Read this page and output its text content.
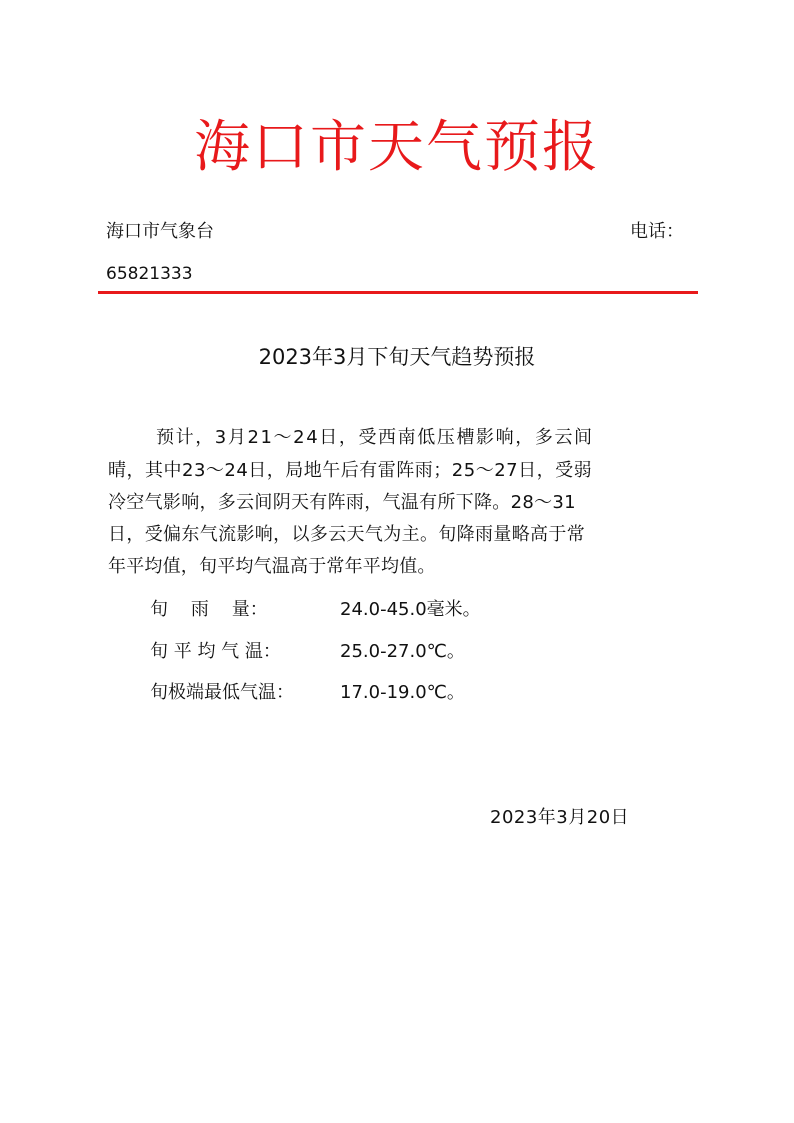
海口市天气预报
海口市气象台	电话：
65821333
2023年3月下旬天气趋势预报
预计，3月21～24日，受西南低压槽影响，多云间
晴，其中23～24日，局地午后有雷阵雨；25～27日，受弱
冷空气影响，多云间阴天有阵雨，气温有所下降。28～31
日，受偏东气流影响，以多云天气为主。旬降雨量略高于常
年平均值，旬平均气温高于常年平均值。
旬    雨    量：	24.0-45.0毫米。
旬 平 均 气 温：	25.0-27.0℃。
旬极端最低气温：	17.0-19.0℃。
2023年3月20日
